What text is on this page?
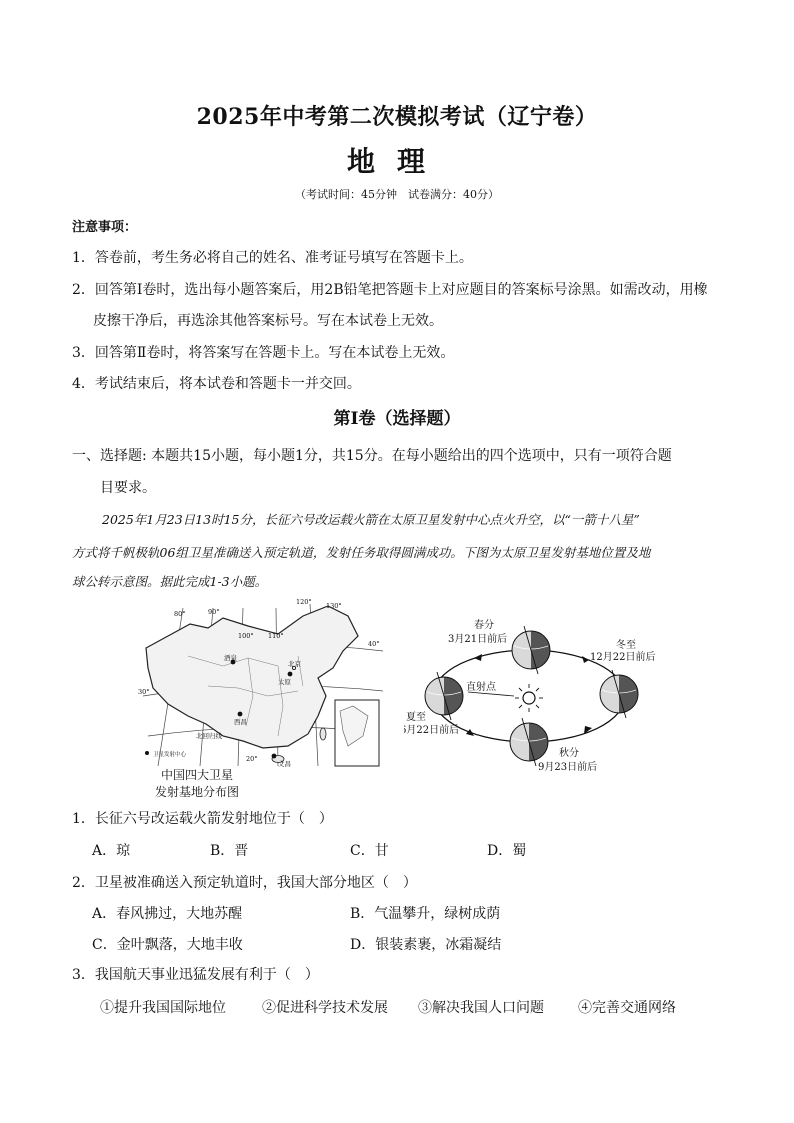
2025年中考第二次模拟考试（辽宁卷）
地理
（考试时间：45分钟　试卷满分：40分）
注意事项：
1．答卷前，考生务必将自己的姓名、准考证号填写在答题卡上。
2．回答第Ⅰ卷时，选出每小题答案后，用2B铅笔把答题卡上对应题目的答案标号涂黑。如需改动，用橡
皮擦干净后，再选涂其他答案标号。写在本试卷上无效。
3．回答第Ⅱ卷时，将答案写在答题卡上。写在本试卷上无效。
4．考试结束后，将本试卷和答题卡一并交回。
第Ⅰ卷（选择题）
一、选择题: 本题共15小题，每小题1分，共15分。在每小题给出的四个选项中，只有一项符合题
目要求。
2025年1月23日13时15分，长征六号改运载火箭在太原卫星发射中心点火升空，以“一箭十八星”
方式将千帆极轨06组卫星准确送入预定轨道，发射任务取得圆满成功。下图为太原卫星发射基地位置及地
球公转示意图。据此完成1-3小题。
80°	90°
100° 110°
120° 130°
40°
30°
20°
酒泉
太原
北京
西昌
文昌
北回归线
卫星发射中心
中国四大卫星
发射基地分布图
春分
3月21日前后
冬至
12月22日前后
夏至
6月22日前后
秋分
9月23日前后
直射点
1．长征六号改运载火箭发射地位于（　）
A．琼	B．晋	C．甘	D．蜀
2．卫星被准确送入预定轨道时，我国大部分地区（　）
A．春风拂过，大地苏醒	B．气温攀升，绿树成荫
C．金叶飘落，大地丰收	D．银装素裹，冰霜凝结
3．我国航天事业迅猛发展有利于（　）
①提升我国国际地位	②促进科学技术发展 ③解决我国人口问题 ④完善交通网络
